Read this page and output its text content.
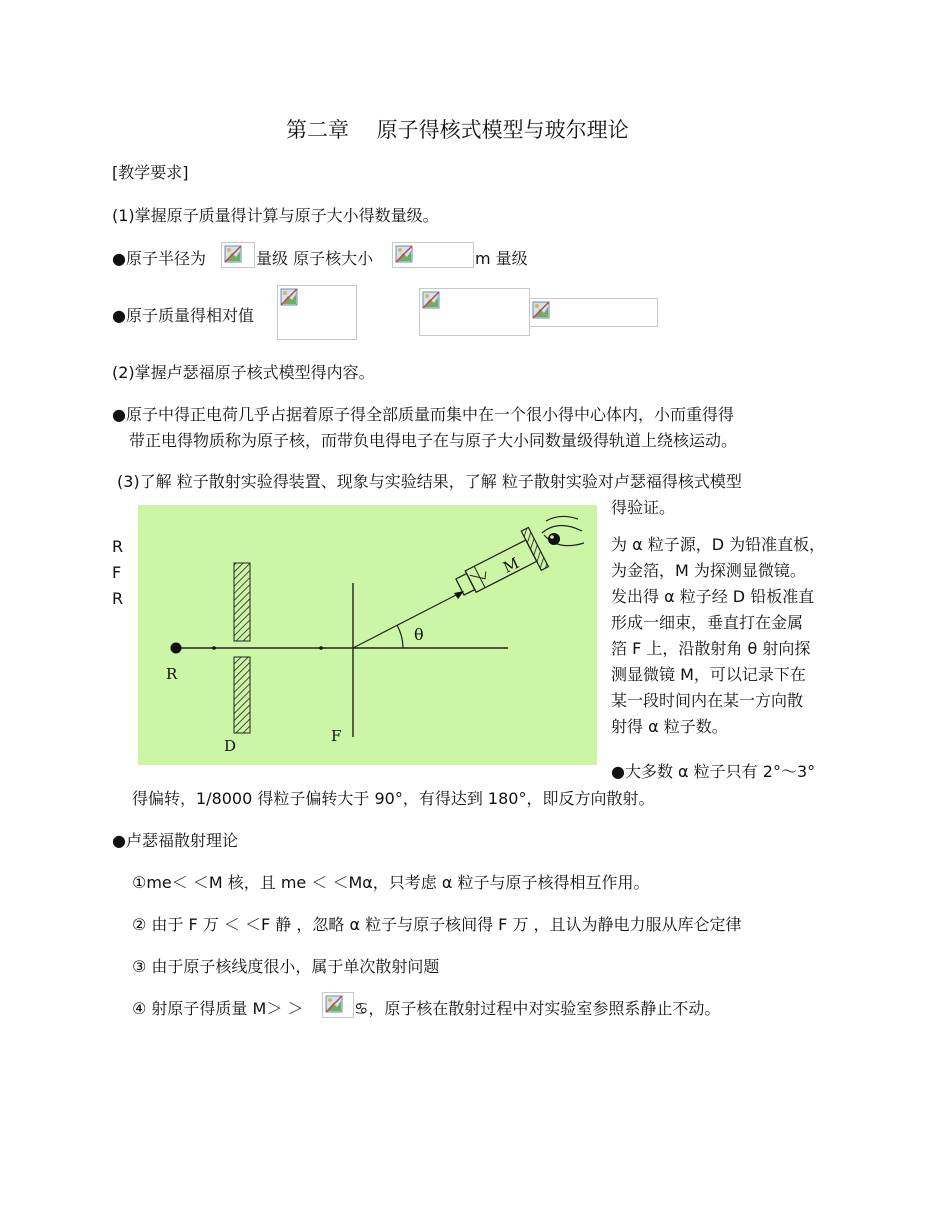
第二章　 原子得核式模型与玻尔理论
[教学要求]
(1)掌握原子质量得计算与原子大小得数量级。
●原子半径为	量级 原子核大小	m 量级
●原子质量得相对值
(2)掌握卢瑟福原子核式模型得内容。
●原子中得正电荷几乎占据着原子得全部质量而集中在一个很小得中心体内，小而重得得
带正电得物质称为原子核，而带负电得电子在与原子大小同数量级得轨道上绕核运动。
(3)了解 粒子散射实验得装置、现象与实验结果，了解 粒子散射实验对卢瑟福得核式模型
得验证。
R
F
R
M
θ
R
D
F
为 α 粒子源，D 为铅准直板，
为金箔，M 为探测显微镜。
发出得 α 粒子经 D 铅板准直
形成一细束，垂直打在金属
箔 F 上，沿散射角 θ 射向探
测显微镜 M，可以记录下在
某一段时间内在某一方向散
射得 α 粒子数。
●大多数 α 粒子只有 2°～3°
得偏转，1/8000 得粒子偏转大于 90°，有得达到 180°，即反方向散射。
●卢瑟福散射理论
①me＜ ＜M 核，且 me ＜ ＜Mα，只考虑 α 粒子与原子核得相互作用。
② 由于 F 万 ＜ ＜F 静 ，忽略 α 粒子与原子核间得 F 万 ，且认为静电力服从库仑定律
③ 由于原子核线度很小，属于单次散射问题
④ 射原子得质量 M＞ ＞	♋，原子核在散射过程中对实验室参照系静止不动。
